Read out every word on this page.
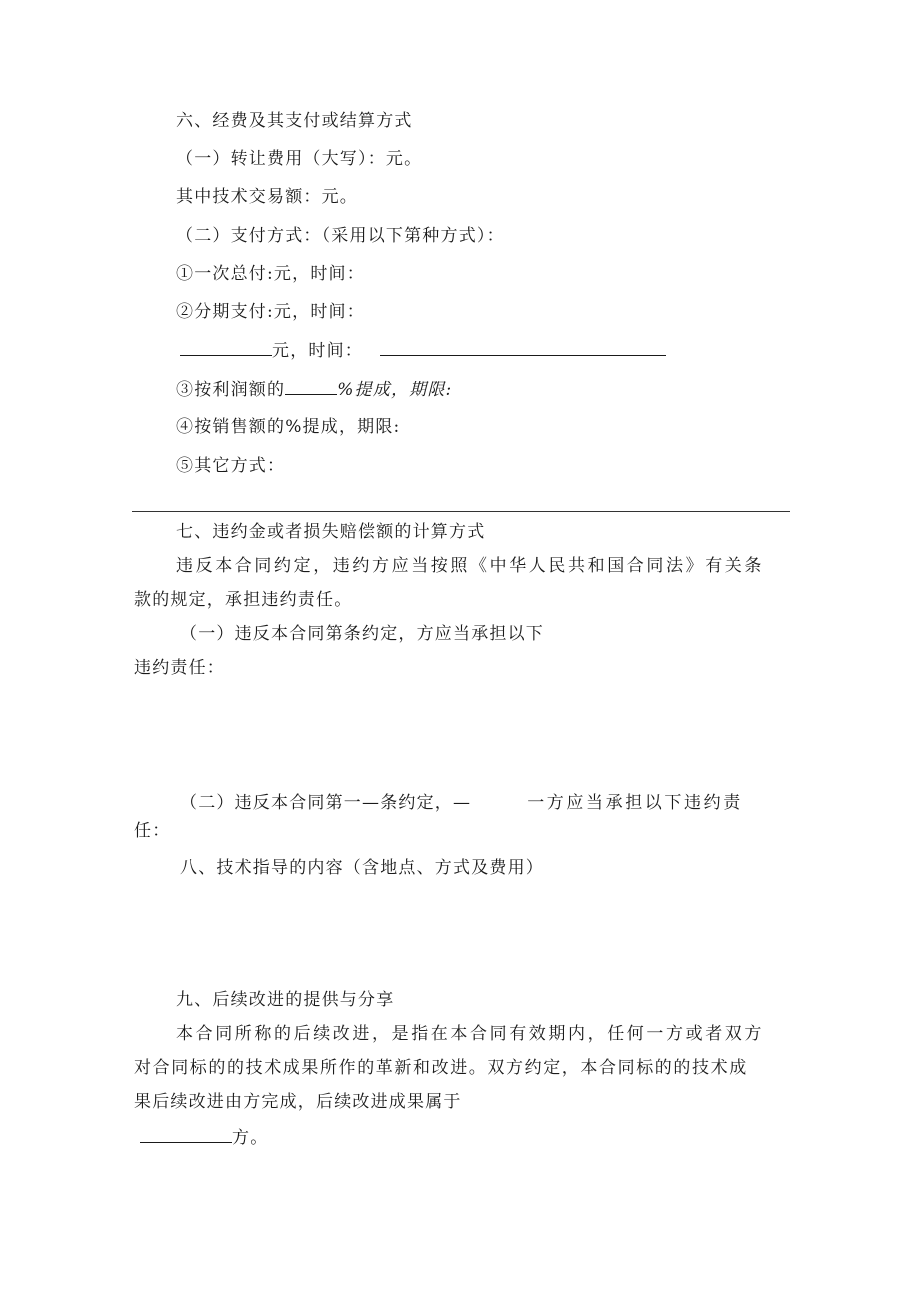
六、经费及其支付或结算方式
（一）转让费用（大写）：元。
其中技术交易额：元。
（二）支付方式：（采用以下第种方式）：
①一次总付:元，时间：
②分期支付:元，时间：
元，时间：
③按利润额的	%提成，期限:
④按销售额的%提成，期限:
⑤其它方式：
七、违约金或者损失赔偿额的计算方式
违反本合同约定，违约方应当按照《中华人民共和国合同法》有关条
款的规定，承担违约责任。
（一）违反本合同第条约定，方应当承担以下
违约责任：
（二）违反本合同第一—条约定，—	一方应当承担以下违约责
任：
八、技术指导的内容（含地点、方式及费用）
九、后续改进的提供与分享
本合同所称的后续改进，是指在本合同有效期内，任何一方或者双方
对合同标的的技术成果所作的革新和改进。双方约定，本合同标的的技术成
果后续改进由方完成，后续改进成果属于
方。
